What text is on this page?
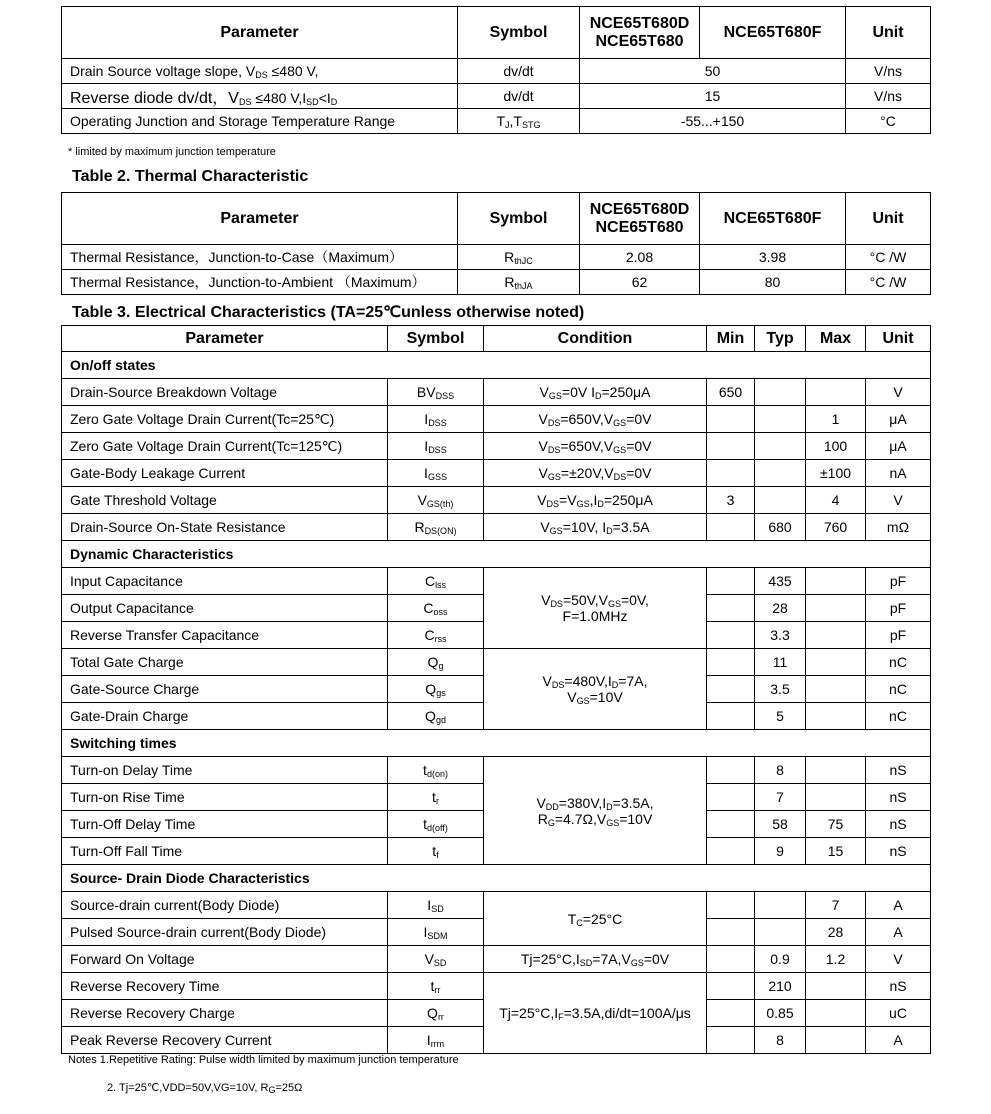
Parameter	Symbol	NCE65T680D
NCE65T680	NCE65T680F	Unit
Drain Source voltage slope, $V_{DS} \le 480$ V,	dv/dt	50		V/ns
Reverse diode dv/dt，$V_{DS} \le 480$ $V,I_{SD}<I_D$	dv/dt	15		V/ns
Operating Junction and Storage Temperature Range	$T_J,T_{STG}$	-55...+150		°C
* limited by maximum junction temperature
Table 2. Thermal Characteristic
Parameter	Symbol	NCE65T680D
NCE65T680	NCE65T680F	Unit
Thermal Resistance，Junction-to-Case（Maximum）	$R_{thJC}$	2.08	3.98	°C /W
Thermal Resistance，Junction-to-Ambient （Maximum）	$R_{thJA}$	62	80	°C /W
Table 3. Electrical Characteristics (TA=25℃unless otherwise noted)
Parameter	Symbol	Condition	Min	Typ	Max	Unit
On/off states						
Drain-Source Breakdown Voltage	$BV_{DSS}$	$V_{GS}=0V$ $I_D=250\mu A$	650			V
Zero Gate Voltage Drain Current(Tc=25℃)	$I_{DSS}$	$V_{DS}=650V,V_{GS}=0V$			1	μA
Zero Gate Voltage Drain Current(Tc=125℃)	$I_{DSS}$	$V_{DS}=650V,V_{GS}=0V$			100	μA
Gate-Body Leakage Current	$I_{GSS}$	$V_{GS}=\pm 20V,V_{DS}=0V$			±100	nA
Gate Threshold Voltage	$V_{GS(th)}$	$V_{DS}=V_{GS},I_D=250\mu A$	3		4	V
Drain-Source On-State Resistance	$R_{DS(ON)}$	$V_{GS}=10V$, $I_D=3.5A$		680	760	mΩ
Dynamic Characteristics						
Input Capacitance	$C_{lss}$	$V_{DS}=50V,V_{GS}=0V$,
F=1.0MHz		435		pF
Output Capacitance	$C_{oss}$			28		pF
Reverse Transfer Capacitance	$C_{rss}$			3.3		pF
Total Gate Charge	$Q_g$	$V_{DS}=480V,I_D=7A$,
$V_{GS}=10V$		11		nC
Gate-Source Charge	$Q_{gs}$			3.5		nC
Gate-Drain Charge	$Q_{gd}$			5		nC
Switching times						
Turn-on Delay Time	$t_{d(on)}$	$V_{DD}=380V,I_D=3.5A$,
$R_G=4.7\Omega,V_{GS}=10V$		8		nS
Turn-on Rise Time	$t_r$			7		nS
Turn-Off Delay Time	$t_{d(off)}$			58	75	nS
Turn-Off Fall Time	$t_f$			9	15	nS
Source- Drain Diode Characteristics						
Source-drain current(Body Diode)	$I_{SD}$	$T_C=25^\circ C$			7	A
Pulsed Source-drain current(Body Diode)	$I_{SDM}$				28	A
Forward On Voltage	$V_{SD}$	$Tj=25^\circ C,I_{SD}=7A,V_{GS}=0V$		0.9	1.2	V
Reverse Recovery Time	$t_{rr}$	$Tj=25^\circ C,I_F=3.5A,di/dt=100A/\mu s$		210		nS
Reverse Recovery Charge	$Q_{rr}$			0.85		uC
Peak Reverse Recovery Current	$I_{rrm}$			8		A
Notes 1.Repetitive Rating: Pulse width limited by maximum junction temperature
2. Tj=25℃,VDD=50V,VG=10V, $R_G=25\Omega$
